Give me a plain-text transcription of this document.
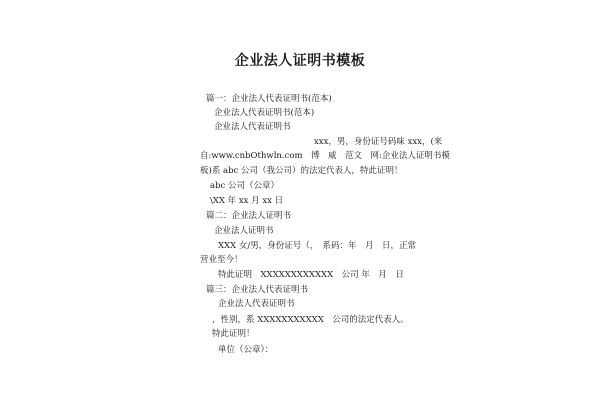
企业法人证明书模板
篇一：企业法人代表证明书(范本)
企业法人代表证明书(范本)
企业法人代表证明书
xxx，男，身份证号码味 xxx，(来
自:www.cnbOthwln.com　博　威　范文　网:企业法人证明书模
板)系 abc 公司（我公司）的法定代表人，特此证明！
abc 公司（公章）
\XX 年 xx 月 xx 日
篇二：企业法人证明书
企业法人证明书
XXX 女/男，身份证号（，　系码：年　月　日，正常
营业至今！
特此证明　XXXXXXXXXXXX　公司 年　月　日
篇三：企业法人代表证明书
企业法人代表证明书
，性别，系 XXXXXXXXXXX　公司的法定代表人。
特此证明！
单位（公章）：
